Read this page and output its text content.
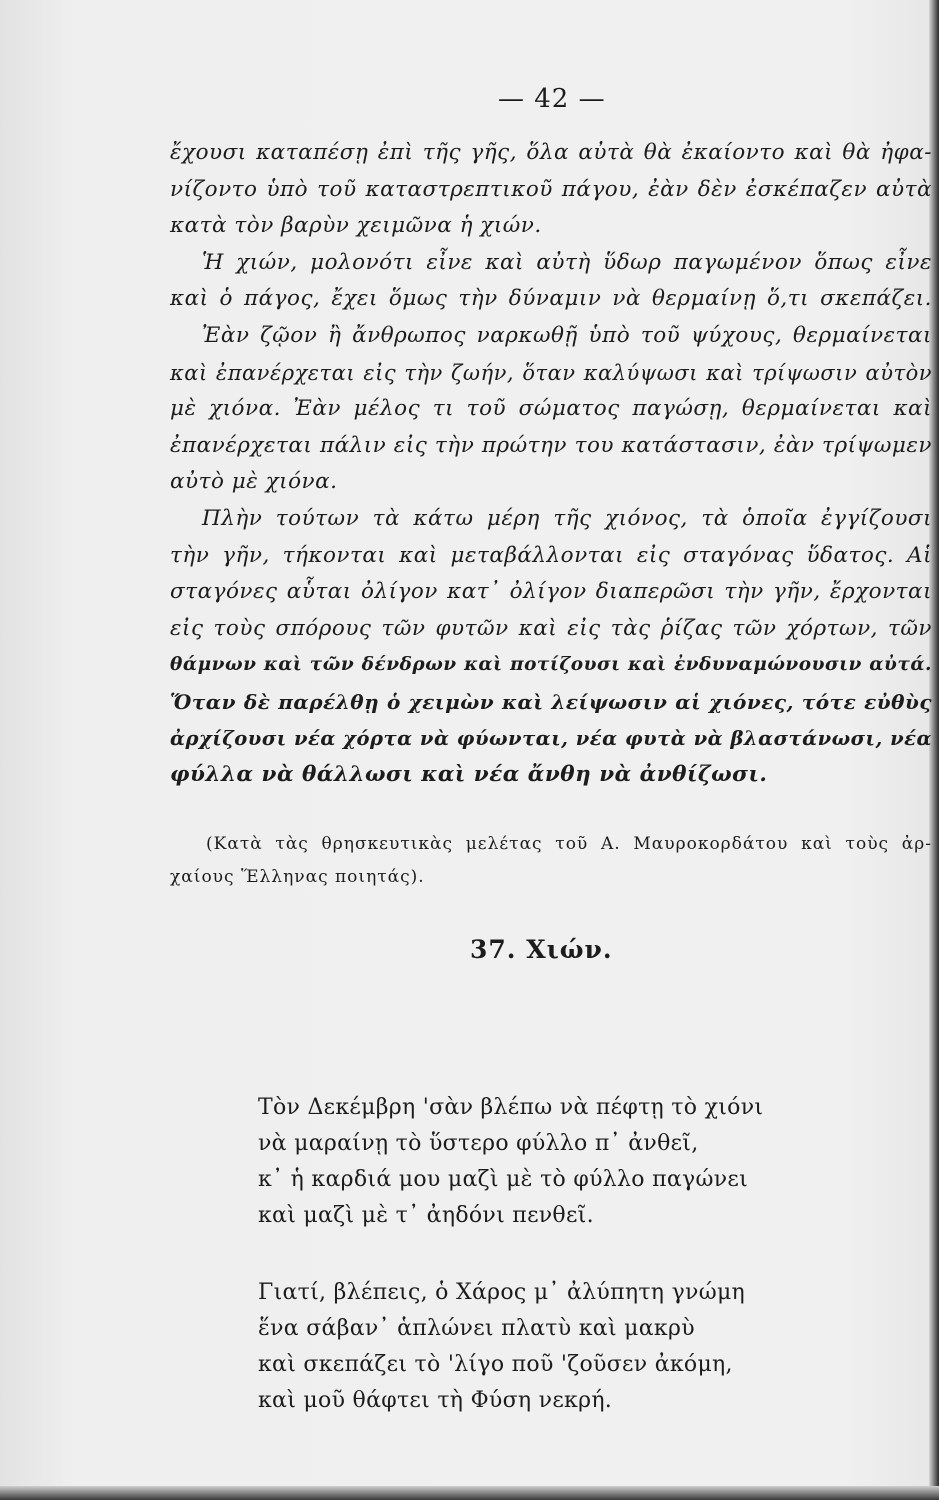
— 42 —
ἔχουσι καταπέσῃ ἐπὶ τῆς γῆς, ὅλα αὐτὰ θὰ ἐκαίοντο καὶ θὰ ἠφα-
νίζοντο ὑπὸ τοῦ καταστρεπτικοῦ πάγου, ἐὰν δὲν ἐσκέπαζεν αὐτὰ
κατὰ τὸν βαρὺν χειμῶνα ἡ χιών.
Ἡ χιών, μολονότι εἶνε καὶ αὐτὴ ὕδωρ παγωμένον ὅπως εἶνε
καὶ ὁ πάγος, ἔχει ὅμως τὴν δύναμιν νὰ θερμαίνῃ ὅ,τι σκεπάζει.
Ἐὰν ζῷον ἢ ἄνθρωπος ναρκωθῇ ὑπὸ τοῦ ψύχους, θερμαίνεται
καὶ ἐπανέρχεται εἰς τὴν ζωήν, ὅταν καλύψωσι καὶ τρίψωσιν αὐτὸν
μὲ χιόνα. Ἐὰν μέλος τι τοῦ σώματος παγώσῃ, θερμαίνεται καὶ
ἐπανέρχεται πάλιν εἰς τὴν πρώτην του κατάστασιν, ἐὰν τρίψωμεν
αὐτὸ μὲ χιόνα.
Πλὴν τούτων τὰ κάτω μέρη τῆς χιόνος, τὰ ὁποῖα ἐγγίζουσι
τὴν γῆν, τήκονται καὶ μεταβάλλονται εἰς σταγόνας ὕδατος. Αἱ
σταγόνες αὗται ὀλίγον κατ᾽ ὀλίγον διαπερῶσι τὴν γῆν, ἔρχονται
εἰς τοὺς σπόρους τῶν φυτῶν καὶ εἰς τὰς ῥίζας τῶν χόρτων, τῶν
θάμνων καὶ τῶν δένδρων καὶ ποτίζουσι καὶ ἐνδυναμώνουσιν αὐτά.
Ὅταν δὲ παρέλθῃ ὁ χειμὼν καὶ λείψωσιν αἱ χιόνες, τότε εὐθὺς
ἀρχίζουσι νέα χόρτα νὰ φύωνται, νέα φυτὰ νὰ βλαστάνωσι, νέα
φύλλα νὰ θάλλωσι καὶ νέα ἄνθη νὰ ἀνθίζωσι.
(Κατὰ τὰς θρησκευτικὰς μελέτας τοῦ Α. Μαυροκορδάτου καὶ τοὺς ἀρ-
χαίους Ἕλληνας ποιητάς).
37. Χιών.
Τὸν Δεκέμβρη 'σὰν βλέπω νὰ πέφτῃ τὸ χιόνι
νὰ μαραίνῃ τὸ ὕστερο φύλλο π᾽ ἀνθεῖ,
κ᾽ ἡ καρδιά μου μαζὶ μὲ τὸ φύλλο παγώνει
καὶ μαζὶ μὲ τ᾽ ἀηδόνι πενθεῖ.
Γιατί, βλέπεις, ὁ Χάρος μ᾽ ἀλύπητη γνώμη
ἕνα σάβαν᾽ ἁπλώνει πλατὺ καὶ μακρὺ
καὶ σκεπάζει τὸ 'λίγο ποῦ 'ζοῦσεν ἀκόμη,
καὶ μοῦ θάφτει τὴ Φύση νεκρή.
